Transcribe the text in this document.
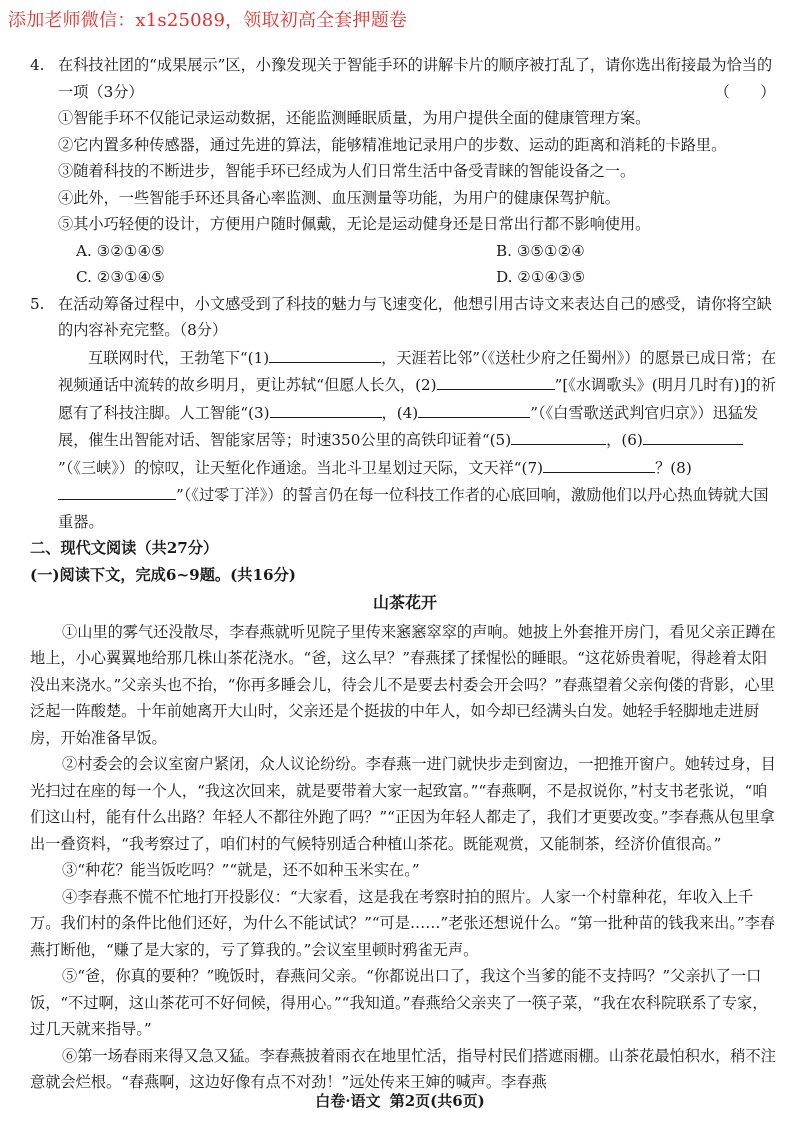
添加老师微信：x1s25089，领取初高全套押题卷
4. 在科技社团的“成果展示”区，小豫发现关于智能手环的讲解卡片的顺序被打乱了，请你选出衔接最为恰当的一项（3分）	（　　）
①智能手环不仅能记录运动数据，还能监测睡眠质量，为用户提供全面的健康管理方案。
②它内置多种传感器，通过先进的算法，能够精准地记录用户的步数、运动的距离和消耗的卡路里。
③随着科技的不断进步，智能手环已经成为人们日常生活中备受青睐的智能设备之一。
④此外，一些智能手环还具备心率监测、血压测量等功能，为用户的健康保驾护航。
⑤其小巧轻便的设计，方便用户随时佩戴，无论是运动健身还是日常出行都不影响使用。
A. ③②①④⑤	B. ③⑤①②④
C. ②③①④⑤	D. ②①④③⑤
5. 在活动筹备过程中，小文感受到了科技的魅力与飞速变化，他想引用古诗文来表达自己的感受，请你将空缺的内容补充完整。（8分）

互联网时代，王勃笔下“(1)	，天涯若比邻”（《送杜少府之任蜀州》）的愿景已成日常；在视频通话中流转的故乡明月，更让苏轼“但愿人长久，(2)	”[《水调歌头》(明月几时有)]的祈愿有了科技注脚。人工智能“(3)	，(4)	”（《白雪歌送武判官归京》）迅猛发展，催生出智能对话、智能家居等；时速350公里的高铁印证着“(5)	，(6)”（《三峡》）的惊叹，让天堑化作通途。当北斗卫星划过天际，文天祥“(7)	？(8)”（《过零丁洋》）的誓言仍在每一位科技工作者的心底回响，激励他们以丹心热血铸就大国重器。

二、现代文阅读（共27分）
(一)阅读下文，完成6~9题。(共16分)
山茶花开

①山里的雾气还没散尽，李春燕就听见院子里传来窸窸窣窣的声响。她披上外套推开房门，看见父亲正蹲在地上，小心翼翼地给那几株山茶花浇水。“爸，这么早？”春燕揉了揉惺忪的睡眼。“这花娇贵着呢，得趁着太阳没出来浇水。”父亲头也不抬，“你再多睡会儿，待会儿不是要去村委会开会吗？”春燕望着父亲佝偻的背影，心里泛起一阵酸楚。十年前她离开大山时，父亲还是个挺拔的中年人，如今却已经满头白发。她轻手轻脚地走进厨房，开始准备早饭。

②村委会的会议室窗户紧闭，众人议论纷纷。李春燕一进门就快步走到窗边，一把推开窗户。她转过身，目光扫过在座的每一个人，“我这次回来，就是要带着大家一起致富。”“春燕啊，不是叔说你，”村支书老张说，“咱们这山村，能有什么出路？年轻人不都往外跑了吗？”“正因为年轻人都走了，我们才更要改变。”李春燕从包里拿出一叠资料，“我考察过了，咱们村的气候特别适合种植山茶花。既能观赏，又能制茶，经济价值很高。”

③“种花？能当饭吃吗？”“就是，还不如种玉米实在。”

④李春燕不慌不忙地打开投影仪：“大家看，这是我在考察时拍的照片。人家一个村靠种花，年收入上千万。我们村的条件比他们还好，为什么不能试试？”“可是……”老张还想说什么。“第一批种苗的钱我来出。”李春燕打断他，“赚了是大家的，亏了算我的。”会议室里顿时鸦雀无声。

⑤“爸，你真的要种？”晚饭时，春燕问父亲。“你都说出口了，我这个当爹的能不支持吗？”父亲扒了一口饭，“不过啊，这山茶花可不好伺候，得用心。”“我知道。”春燕给父亲夹了一筷子菜，“我在农科院联系了专家，过几天就来指导。”

⑥第一场春雨来得又急又猛。李春燕披着雨衣在地里忙活，指导村民们搭遮雨棚。山茶花最怕积水，稍不注意就会烂根。“春燕啊，这边好像有点不对劲！”远处传来王婶的喊声。李春燕

白卷·语文 第2页(共6页)
